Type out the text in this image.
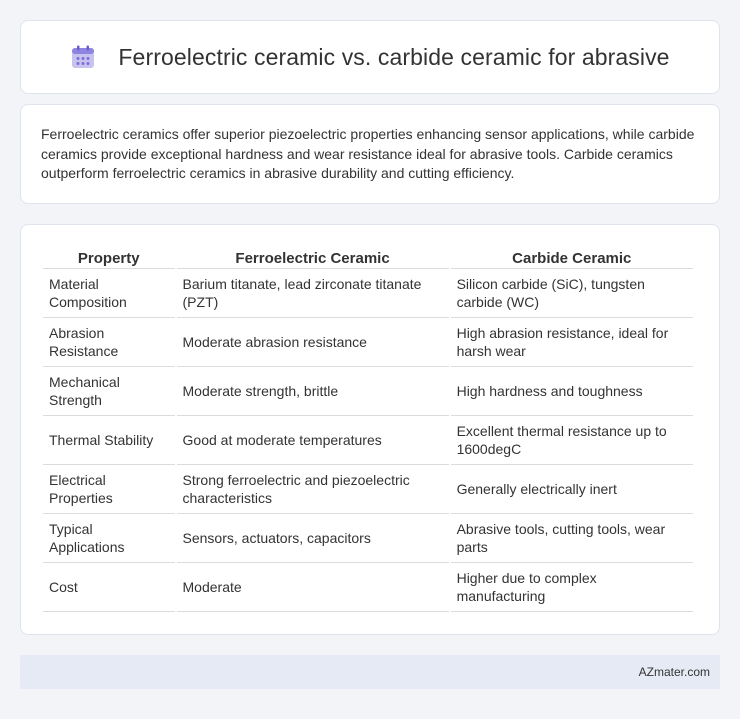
Ferroelectric ceramic vs. carbide ceramic for abrasive

Ferroelectric ceramics offer superior piezoelectric properties enhancing sensor applications, while carbide ceramics provide exceptional hardness and wear resistance ideal for abrasive tools. Carbide ceramics outperform ferroelectric ceramics in abrasive durability and cutting efficiency.

Property	Ferroelectric Ceramic	Carbide Ceramic
Material Composition	Barium titanate, lead zirconate titanate (PZT)	Silicon carbide (SiC), tungsten carbide (WC)
Abrasion Resistance	Moderate abrasion resistance	High abrasion resistance, ideal for harsh wear
Mechanical Strength	Moderate strength, brittle	High hardness and toughness
Thermal Stability	Good at moderate temperatures	Excellent thermal resistance up to 1600degC
Electrical Properties	Strong ferroelectric and piezoelectric characteristics	Generally electrically inert
Typical Applications	Sensors, actuators, capacitors	Abrasive tools, cutting tools, wear parts
Cost	Moderate	Higher due to complex manufacturing
AZmater.com
